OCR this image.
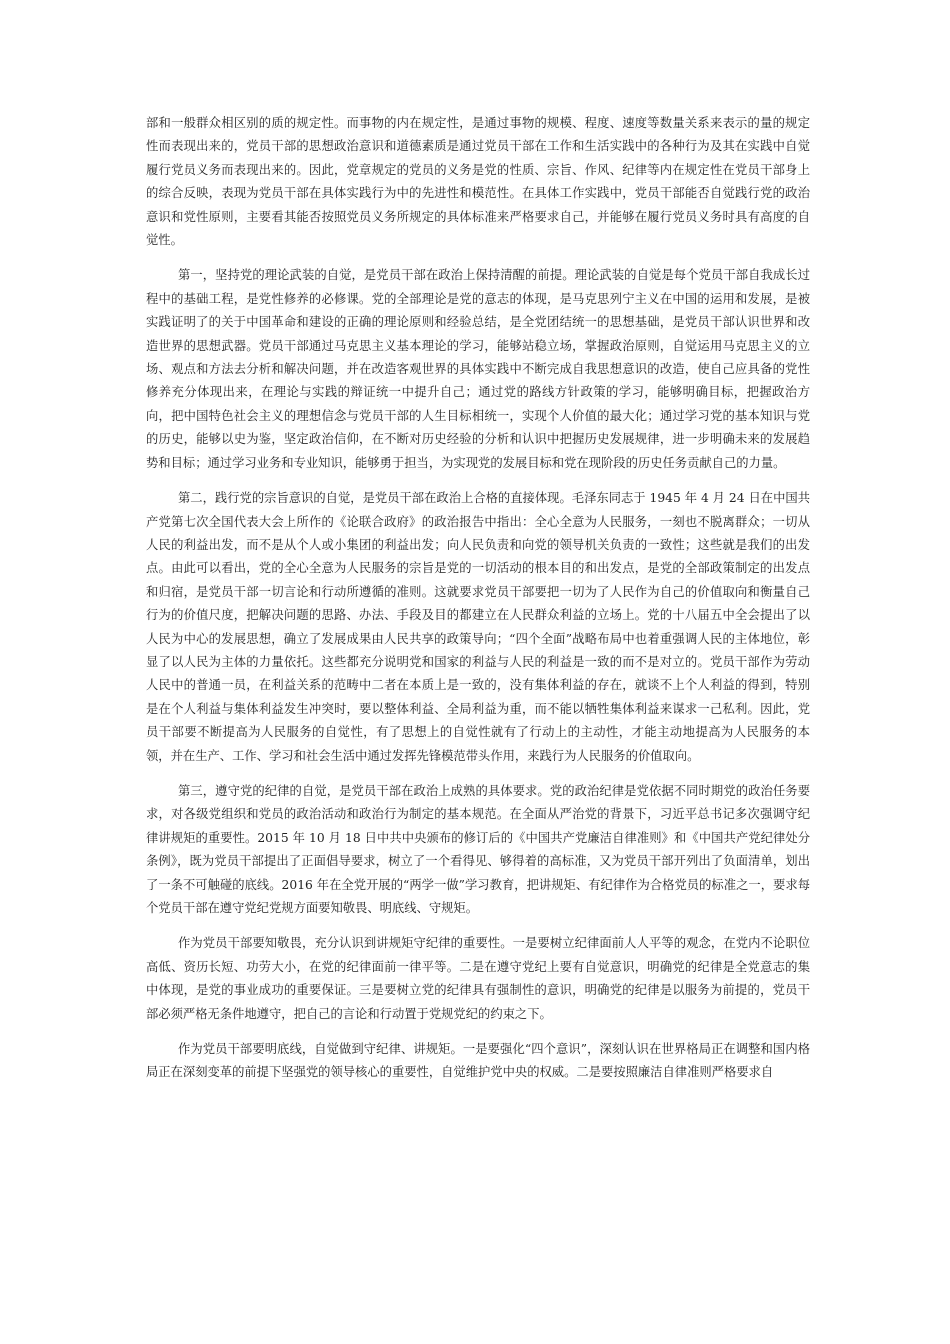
部和一般群众相区别的质的规定性。而事物的内在规定性，是通过事物的规模、程度、速度等数量关系来表示的量的规定性而表现出来的，党员干部的思想政治意识和道德素质是通过党员干部在工作和生活实践中的各种行为及其在实践中自觉履行党员义务而表现出来的。因此，党章规定的党员的义务是党的性质、宗旨、作风、纪律等内在规定性在党员干部身上的综合反映，表现为党员干部在具体实践行为中的先进性和模范性。在具体工作实践中，党员干部能否自觉践行党的政治意识和党性原则，主要看其能否按照党员义务所规定的具体标准来严格要求自己，并能够在履行党员义务时具有高度的自觉性。

第一，坚持党的理论武装的自觉，是党员干部在政治上保持清醒的前提。理论武装的自觉是每个党员干部自我成长过程中的基础工程，是党性修养的必修课。党的全部理论是党的意志的体现，是马克思列宁主义在中国的运用和发展，是被实践证明了的关于中国革命和建设的正确的理论原则和经验总结，是全党团结统一的思想基础，是党员干部认识世界和改造世界的思想武器。党员干部通过马克思主义基本理论的学习，能够站稳立场，掌握政治原则，自觉运用马克思主义的立场、观点和方法去分析和解决问题，并在改造客观世界的具体实践中不断完成自我思想意识的改造，使自己应具备的党性修养充分体现出来，在理论与实践的辩证统一中提升自己；通过党的路线方针政策的学习，能够明确目标，把握政治方向，把中国特色社会主义的理想信念与党员干部的人生目标相统一，实现个人价值的最大化；通过学习党的基本知识与党的历史，能够以史为鉴，坚定政治信仰，在不断对历史经验的分析和认识中把握历史发展规律，进一步明确未来的发展趋势和目标；通过学习业务和专业知识，能够勇于担当，为实现党的发展目标和党在现阶段的历史任务贡献自己的力量。

第二，践行党的宗旨意识的自觉，是党员干部在政治上合格的直接体现。毛泽东同志于 1945 年 4 月 24 日在中国共产党第七次全国代表大会上所作的《论联合政府》的政治报告中指出：全心全意为人民服务，一刻也不脱离群众；一切从人民的利益出发，而不是从个人或小集团的利益出发；向人民负责和向党的领导机关负责的一致性；这些就是我们的出发点。由此可以看出，党的全心全意为人民服务的宗旨是党的一切活动的根本目的和出发点，是党的全部政策制定的出发点和归宿，是党员干部一切言论和行动所遵循的准则。这就要求党员干部要把一切为了人民作为自己的价值取向和衡量自己行为的价值尺度，把解决问题的思路、办法、手段及目的都建立在人民群众利益的立场上。党的十八届五中全会提出了以人民为中心的发展思想，确立了发展成果由人民共享的政策导向；“四个全面”战略布局中也着重强调人民的主体地位，彰显了以人民为主体的力量依托。这些都充分说明党和国家的利益与人民的利益是一致的而不是对立的。党员干部作为劳动人民中的普通一员，在利益关系的范畴中二者在本质上是一致的，没有集体利益的存在，就谈不上个人利益的得到，特别是在个人利益与集体利益发生冲突时，要以整体利益、全局利益为重，而不能以牺牲集体利益来谋求一己私利。因此，党员干部要不断提高为人民服务的自觉性，有了思想上的自觉性就有了行动上的主动性，才能主动地提高为人民服务的本领，并在生产、工作、学习和社会生活中通过发挥先锋模范带头作用，来践行为人民服务的价值取向。

第三，遵守党的纪律的自觉，是党员干部在政治上成熟的具体要求。党的政治纪律是党依据不同时期党的政治任务要求，对各级党组织和党员的政治活动和政治行为制定的基本规范。在全面从严治党的背景下，习近平总书记多次强调守纪律讲规矩的重要性。2015 年 10 月 18 日中共中央颁布的修订后的《中国共产党廉洁自律准则》和《中国共产党纪律处分条例》，既为党员干部提出了正面倡导要求，树立了一个看得见、够得着的高标准，又为党员干部开列出了负面清单，划出了一条不可触碰的底线。2016 年在全党开展的“两学一做”学习教育，把讲规矩、有纪律作为合格党员的标准之一，要求每个党员干部在遵守党纪党规方面要知敬畏、明底线、守规矩。

作为党员干部要知敬畏，充分认识到讲规矩守纪律的重要性。一是要树立纪律面前人人平等的观念，在党内不论职位高低、资历长短、功劳大小，在党的纪律面前一律平等。二是在遵守党纪上要有自觉意识，明确党的纪律是全党意志的集中体现，是党的事业成功的重要保证。三是要树立党的纪律具有强制性的意识，明确党的纪律是以服务为前提的，党员干部必须严格无条件地遵守，把自己的言论和行动置于党规党纪的约束之下。

作为党员干部要明底线，自觉做到守纪律、讲规矩。一是要强化“四个意识”，深刻认识在世界格局正在调整和国内格局正在深刻变革的前提下坚强党的领导核心的重要性，自觉维护党中央的权威。二是要按照廉洁自律准则严格要求自
